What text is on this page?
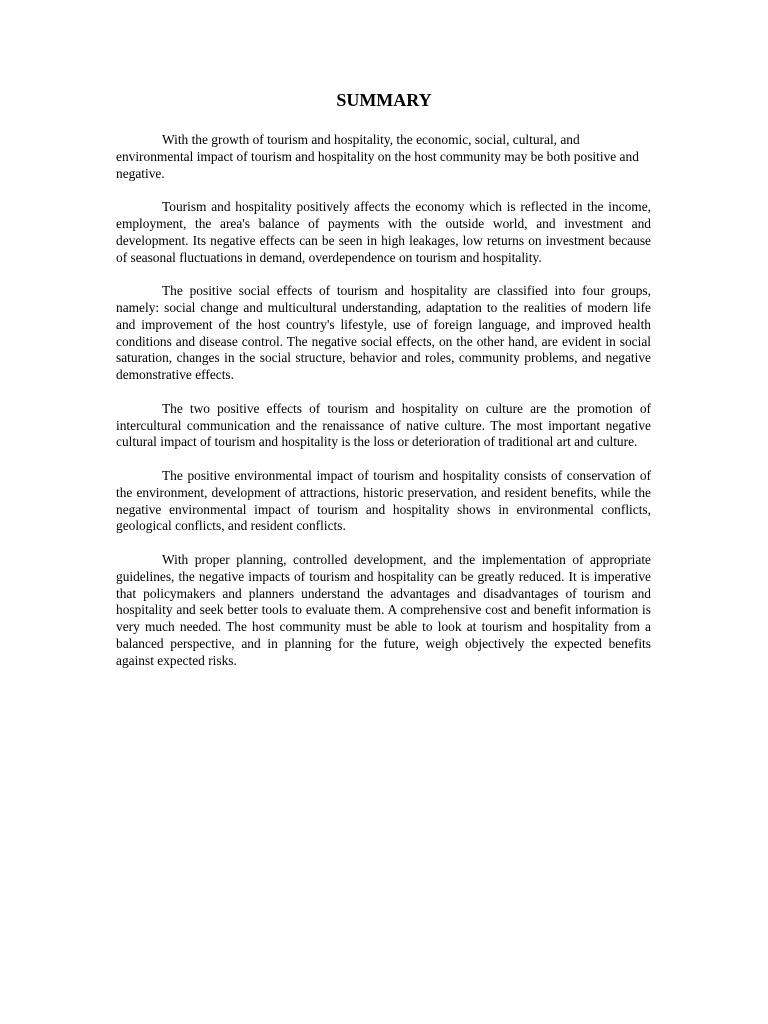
SUMMARY

With the growth of tourism and hospitality, the economic, social, cultural, and environmental impact of tourism and hospitality on the host community may be both positive and negative.

Tourism and hospitality positively affects the economy which is reflected in the income, employment, the area's balance of payments with the outside world, and investment and development. Its negative effects can be seen in high leakages, low returns on investment because of seasonal fluctuations in demand, overdependence on tourism and hospitality.

The positive social effects of tourism and hospitality are classified into four groups, namely: social change and multicultural understanding, adaptation to the realities of modern life and improvement of the host country's lifestyle, use of foreign language, and improved health conditions and disease control. The negative social effects, on the other hand, are evident in social saturation, changes in the social structure, behavior and roles, community problems, and negative demonstrative effects.

The two positive effects of tourism and hospitality on culture are the promotion of intercultural communication and the renaissance of native culture. The most important negative cultural impact of tourism and hospitality is the loss or deterioration of traditional art and culture.

The positive environmental impact of tourism and hospitality consists of conservation of the environment, development of attractions, historic preservation, and resident benefits, while the negative environmental impact of tourism and hospitality shows in environmental conflicts, geological conflicts, and resident conflicts.

With proper planning, controlled development, and the implementation of appropriate guidelines, the negative impacts of tourism and hospitality can be greatly reduced. It is imperative that policymakers and planners understand the advantages and disadvantages of tourism and hospitality and seek better tools to evaluate them. A comprehensive cost and benefit information is very much needed. The host community must be able to look at tourism and hospitality from a balanced perspective, and in planning for the future, weigh objectively the expected benefits against expected risks.
